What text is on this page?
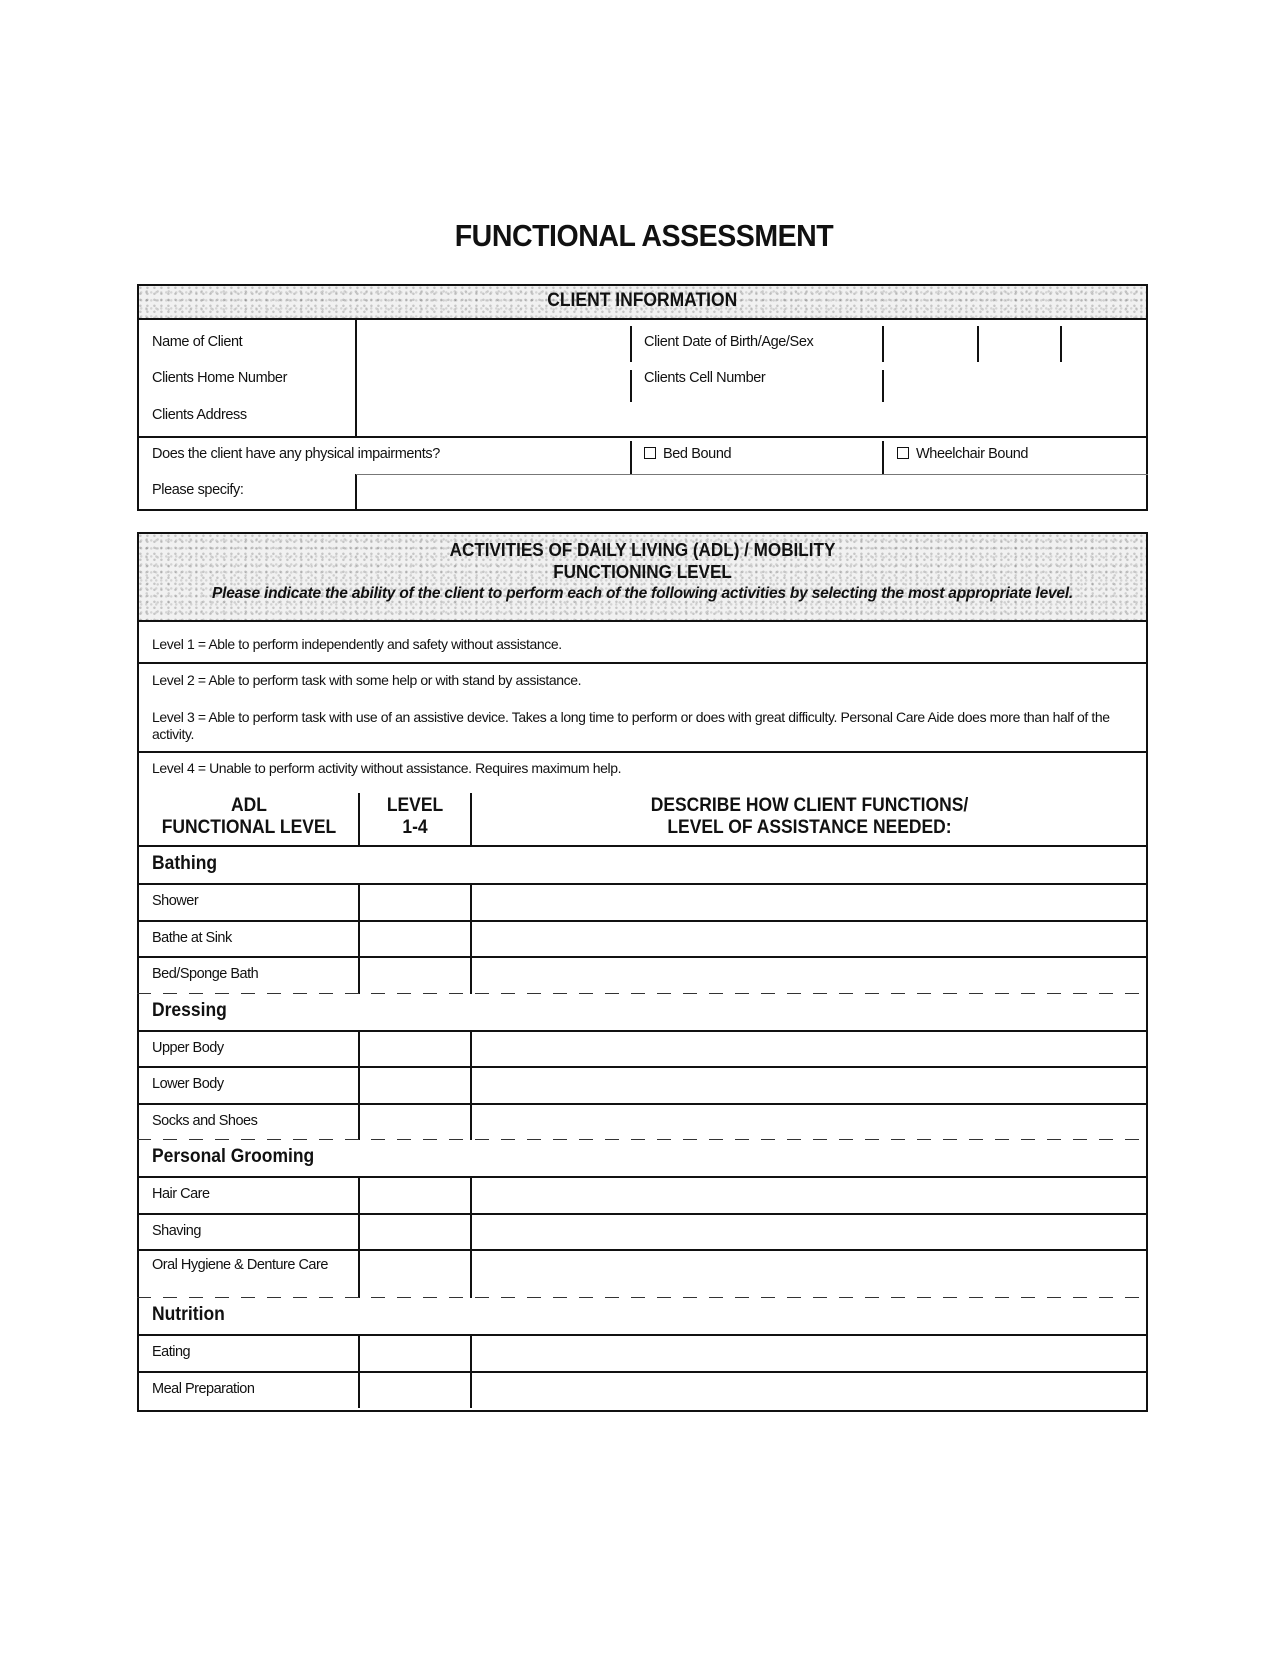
FUNCTIONAL ASSESSMENT
CLIENT INFORMATION
Name of Client
Clients Home Number
Clients Address
Client Date of Birth/Age/Sex
Clients Cell Number
Does the client have any physical impairments?	Bed Bound	Wheelchair Bound
Please specify:
ACTIVITIES OF DAILY LIVING (ADL) / MOBILITY
FUNCTIONING LEVEL
Please indicate the ability of the client to perform each of the following activities by selecting the most appropriate level.
Level 1 = Able to perform independently and safety without assistance.
Level 2 = Able to perform task with some help or with stand by assistance.
Level 3 = Able to perform task with use of an assistive device. Takes a long time to perform or does with great difficulty. Personal Care Aide does more than half of the activity.
Level 4 = Unable to perform activity without assistance. Requires maximum help.
ADL
FUNCTIONAL LEVEL
LEVEL
1-4
DESCRIBE HOW CLIENT FUNCTIONS/
LEVEL OF ASSISTANCE NEEDED:
Bathing
Shower
Bathe at Sink
Bed/Sponge Bath
Dressing
Upper Body
Lower Body
Socks and Shoes
Personal Grooming
Hair Care
Shaving
Oral Hygiene & Denture Care
Nutrition
Eating
Meal Preparation
